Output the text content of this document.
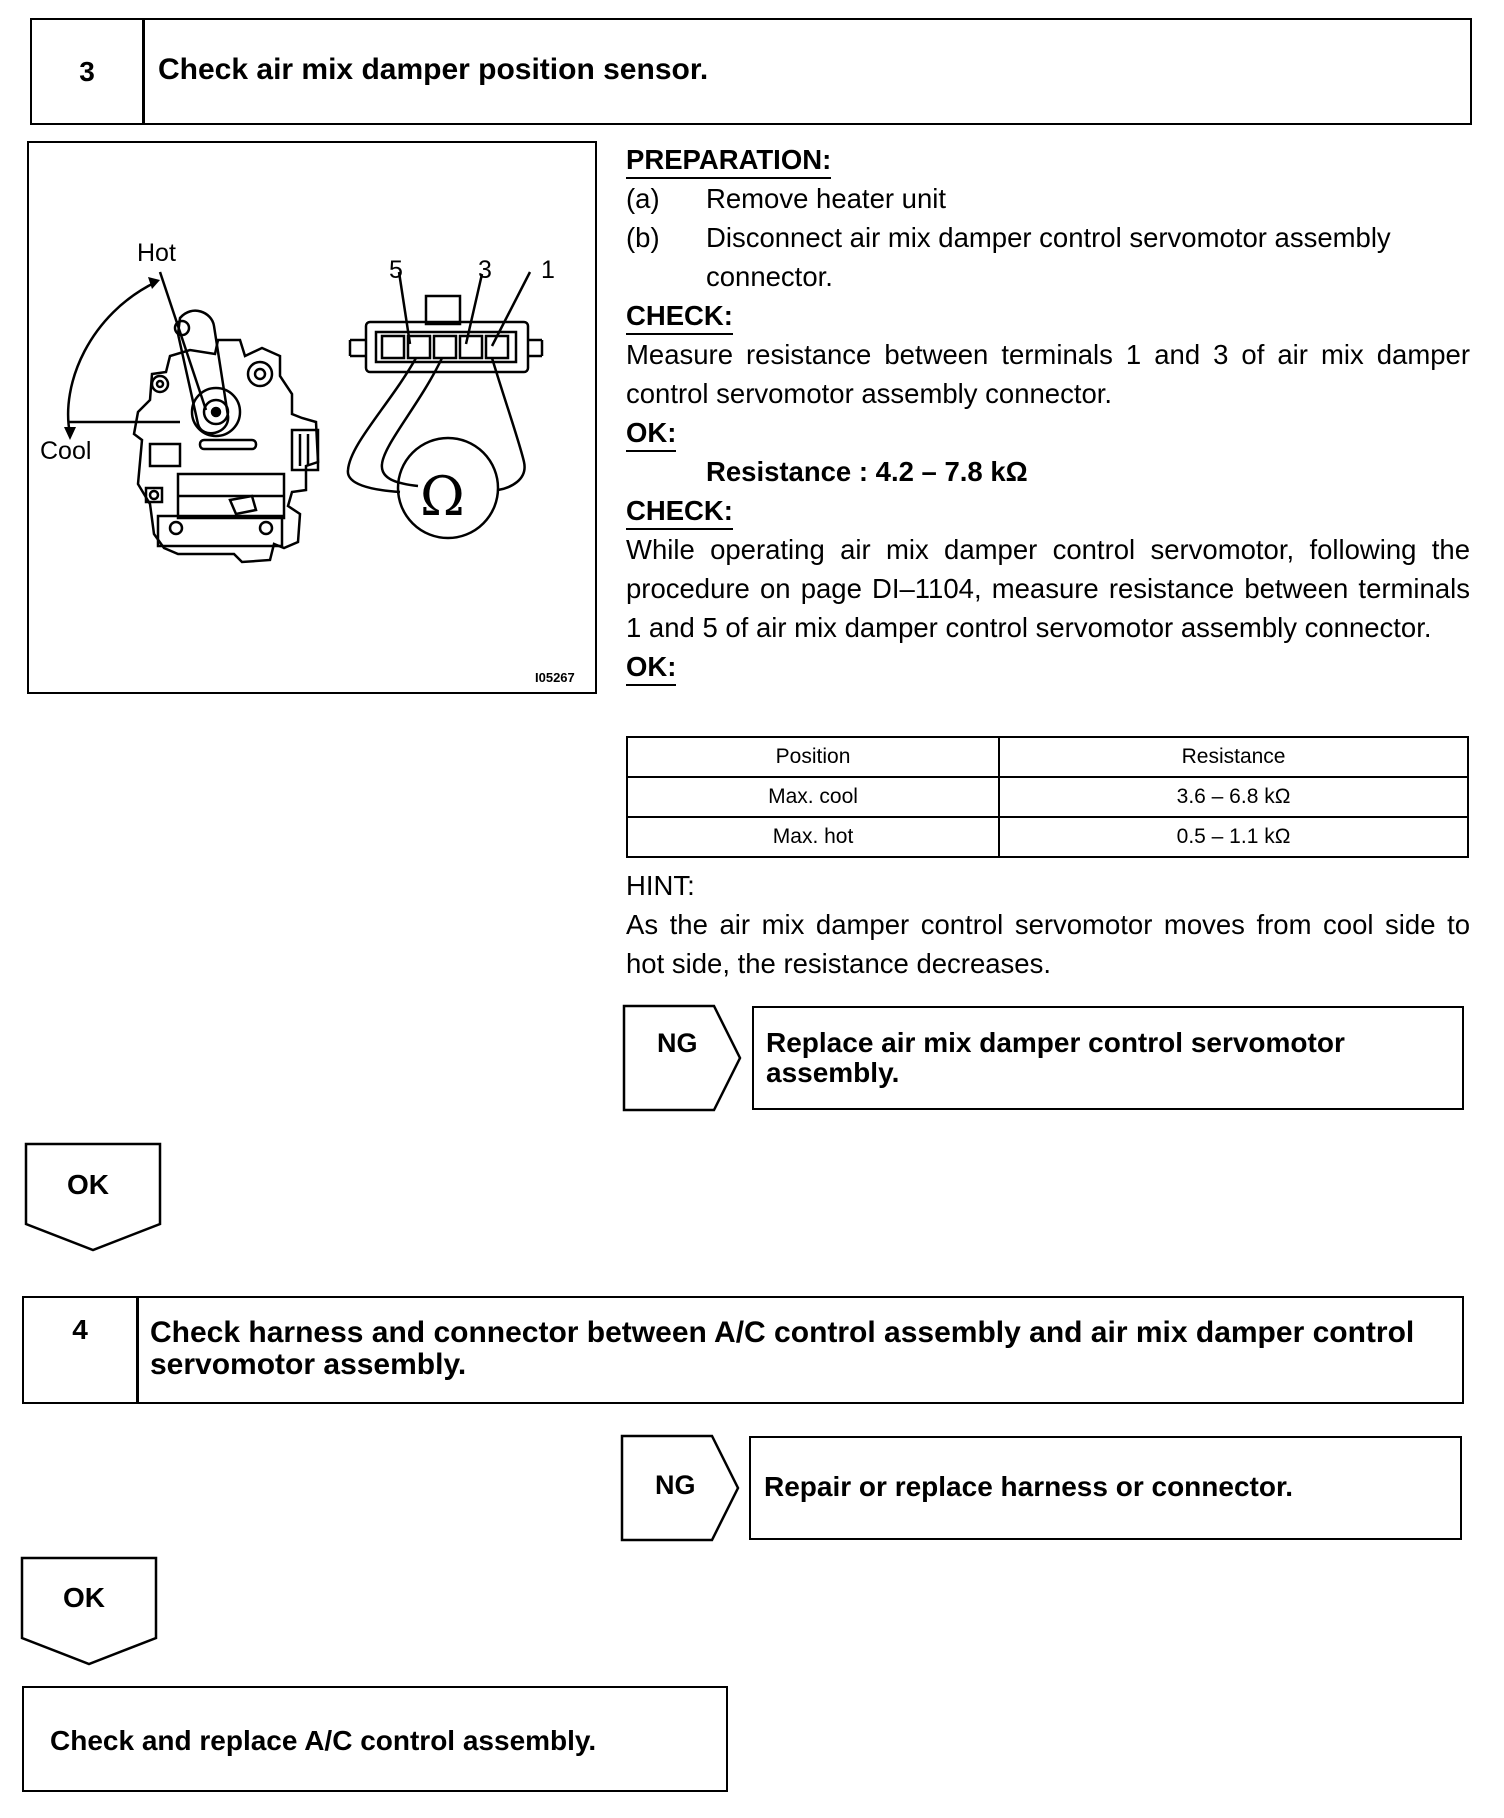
3	Check air mix damper position sensor.
Hot
Cool
5	3 1
Ω
I05267
PREPARATION:
(a)	Remove heater unit
(b)	Disconnect air mix damper control servomotor assembly connector.
CHECK:
Measure resistance between terminals 1 and 3 of air mix damper control servomotor assembly connector.
OK:
Resistance : 4.2 – 7.8 kΩ
CHECK:
While operating air mix damper control servomotor, following the procedure on page DI–1104, measure resistance between terminals 1 and 5 of air mix damper control servomotor assembly connector.
OK:
Position	Resistance
Max. cool	3.6 – 6.8 kΩ
Max. hot	0.5 – 1.1 kΩ
HINT:
As the air mix damper control servomotor moves from cool side to hot side, the resistance decreases.
NG Replace air mix damper control servomotor assembly.
OK
4	Check harness and connector between A/C control assembly and air mix damper control servomotor assembly.
NG Repair or replace harness or connector.
OK
Check and replace A/C control assembly.
